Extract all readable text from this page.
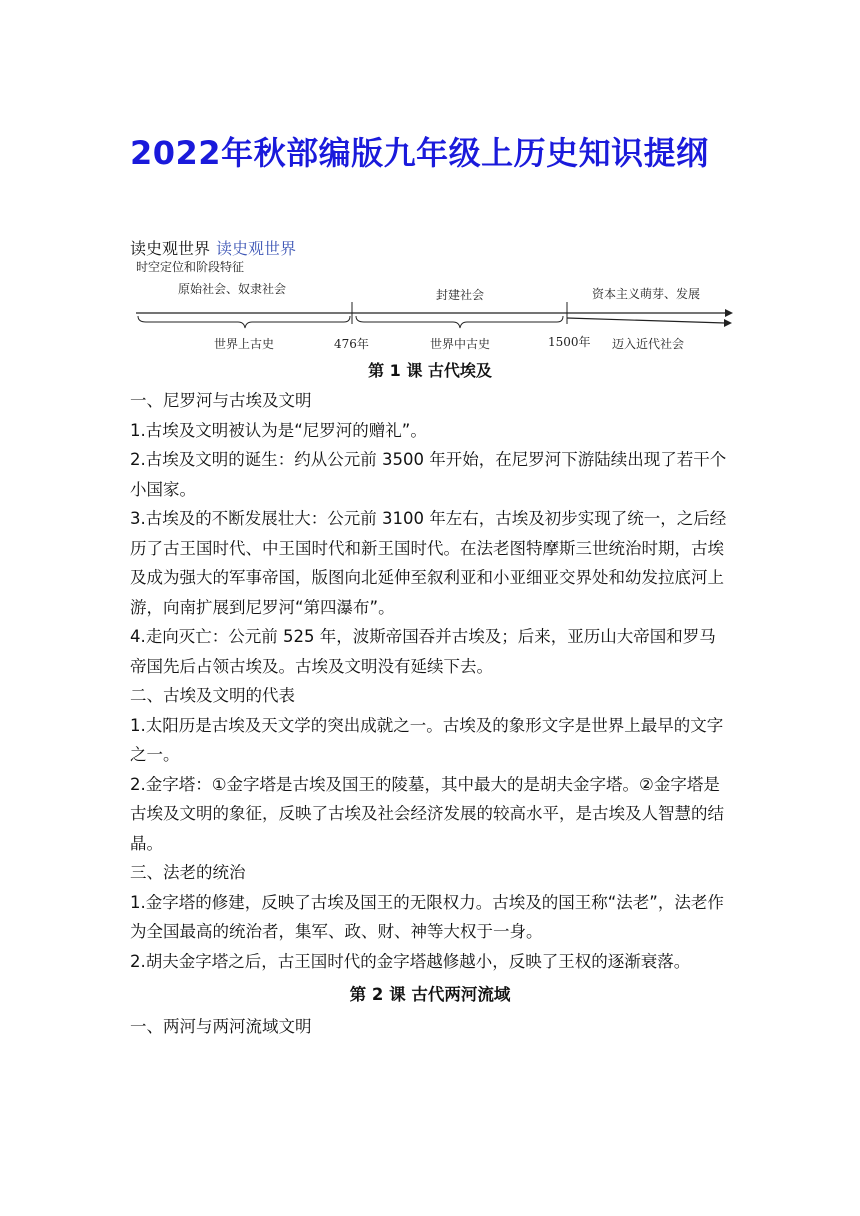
2022年秋部编版九年级上历史知识提纲
读史观世界 读史观世界
时空定位和阶段特征
原始社会、奴隶社会	封建社会	资本主义萌芽、发展
世界上古史	476年	世界中古史	1500年 迈入近代社会
第 1 课 古代埃及

一、尼罗河与古埃及文明

1.古埃及文明被认为是“尼罗河的赠礼”。

2.古埃及文明的诞生：约从公元前 3500 年开始，在尼罗河下游陆续出现了若干个小国家。

3.古埃及的不断发展壮大：公元前 3100 年左右，古埃及初步实现了统一，之后经历了古王国时代、中王国时代和新王国时代。在法老图特摩斯三世统治时期，古埃及成为强大的军事帝国，版图向北延伸至叙利亚和小亚细亚交界处和幼发拉底河上游，向南扩展到尼罗河“第四瀑布”。

4.走向灭亡：公元前 525 年，波斯帝国吞并古埃及；后来，亚历山大帝国和罗马帝国先后占领古埃及。古埃及文明没有延续下去。

二、古埃及文明的代表

1.太阳历是古埃及天文学的突出成就之一。古埃及的象形文字是世界上最早的文字之一。

2.金字塔：①金字塔是古埃及国王的陵墓，其中最大的是胡夫金字塔。②金字塔是古埃及文明的象征，反映了古埃及社会经济发展的较高水平，是古埃及人智慧的结晶。

三、法老的统治

1.金字塔的修建，反映了古埃及国王的无限权力。古埃及的国王称“法老”，法老作为全国最高的统治者，集军、政、财、神等大权于一身。

2.胡夫金字塔之后，古王国时代的金字塔越修越小，反映了王权的逐渐衰落。

第 2 课 古代两河流域

一、两河与两河流域文明
